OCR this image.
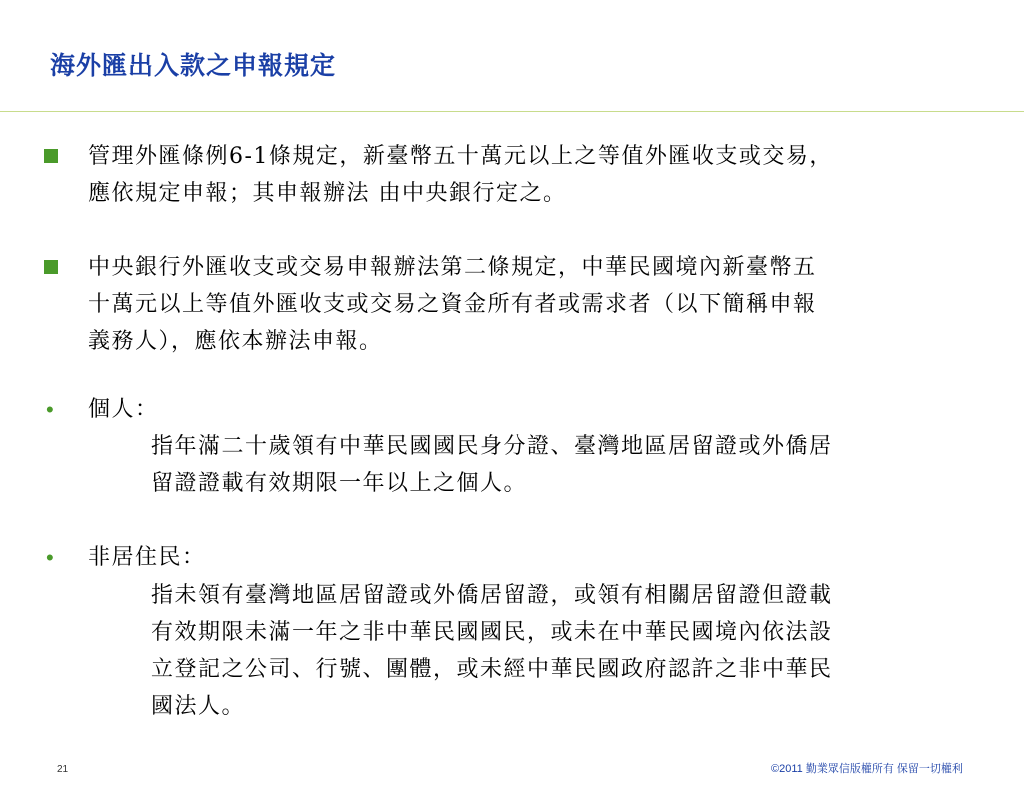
海外匯出入款之申報規定
管理外匯條例6-1條規定，新臺幣五十萬元以上之等值外匯收支或交易，
應依規定申報；其申報辦法 由中央銀行定之。
中央銀行外匯收支或交易申報辦法第二條規定，中華民國境內新臺幣五
十萬元以上等值外匯收支或交易之資金所有者或需求者（以下簡稱申報
義務人），應依本辦法申報。
• 個人：
指年滿二十歲領有中華民國國民身分證、臺灣地區居留證或外僑居
留證證載有效期限一年以上之個人。
• 非居住民：
指未領有臺灣地區居留證或外僑居留證，或領有相關居留證但證載
有效期限未滿一年之非中華民國國民，或未在中華民國境內依法設
立登記之公司、行號、團體，或未經中華民國政府認許之非中華民
國法人。
21	©2011 勤業眾信版權所有 保留一切權利
